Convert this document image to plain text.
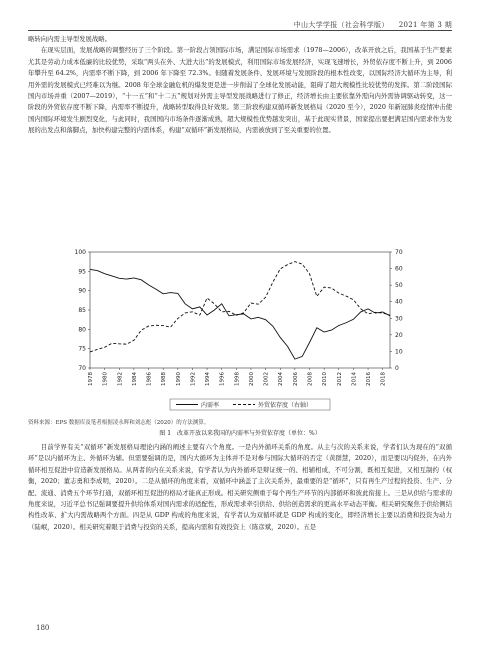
中山大学学报（社会科学版） 2021 年第 3 期

略转向内需主导型发展战略。

在现实层面，发展战略的调整经历了三个阶段。第一阶段占领国际市场，满足国际市场需求（1978—2006），改革开放之后，我国基于生产要素尤其是劳动力成本低廉的比较优势，采取“两头在外、大进大出”的发展模式，利用国际市场发展经济，实现飞速增长，外贸依存度不断上升，到 2006 年攀升至 64.2%，内需率不断下降，到 2006 年下降至 72.3%。但随着发展条件、发展环境与发展阶段的根本性改变，以国际经济大循环为主导，利用外需的发展模式已经难以为继。2008 年全球金融危机的爆发更是进一步削弱了全球化发展动能，阻碍了超大规模性比较优势的发挥。第二阶段国际国内市场并重（2007—2019），“十一五”和“十二五”规划对外需主导型发展战略进行了修正，经济增长由主要依靠外需向内外需协调驱动转变，这一阶段的外贸依存度不断下降，内需率不断提升，战略转型取得良好效果。第三阶段构建双循环新发展格局（2020 至今），2020 年新冠肺炎疫情冲击使国内国际环境发生剧烈变化，与此同时，我国国内市场条件逐渐成熟，超大规模性优势越发突出，基于此现实背景，国家提出要把满足国内需求作为发展的出发点和落脚点，加快构建完整的内需体系，构建“双循环”新发展格局，内需被放到了至关重要的位置。

70
75
80
85
90
95
100
0
10
20
30
40
50
60
70
1978 1980 1982 1984 1986 1988 1990 1992 1994 1996 1998 2000 2002 2004 2006 2008 2010 2012 2014 2016 2018
内需率	外贸依存度（右轴）
资料来源：EPS 数据库及笔者根据凌永辉和刘志彪（2020）的方法测算。
图 1　改革开放以来我国的内需率与外贸依存度（单位：%）

目前学界有关“双循环”新发展格局理论内涵的阐述主要有六个角度。一是内外循环关系的角度。从主与次的关系来说，学者们认为现在的“双循环”是以内循环为主、外循环为辅。但需要强调的是，国内大循环为主体并不是对参与国际大循环的否定（黄群慧，2020），而是要以内促外，在内外循环相互促进中营造新发展格局。从两者的内在关系来说，有学者认为内外循环是辩证统一的、相辅相成，不可分割，既相互促进，又相互制约（权衡，2020；董志勇和李成明，2020）。二是从循环的角度来看，双循环中涵盖了主次关系外，最重要的是“循环”，只有再生产过程的投资、生产、分配、流通、消费五个环节打通，双循环相互促进的格局才能真正形成。相关研究侧重于每个再生产环节的内部循环和彼此衔接上。三是从供给与需求的角度来说，习近平总书记强调要提升供给体系对国内需求的适配性，形成需求牵引供给、供给创造需求的更高水平动态平衡。相关研究聚焦于供给侧结构性改革、扩大内需战略两个方面。四是从 GDP 构成的角度来说，有学者认为双循环就是 GDP 构成的变化，即经济增长主要以消费和投资为动力（陆岷，2020）。相关研究着眼于消费与投资的关系，提高内需和有效投资上（陈彦斌，2020）。五是

180
